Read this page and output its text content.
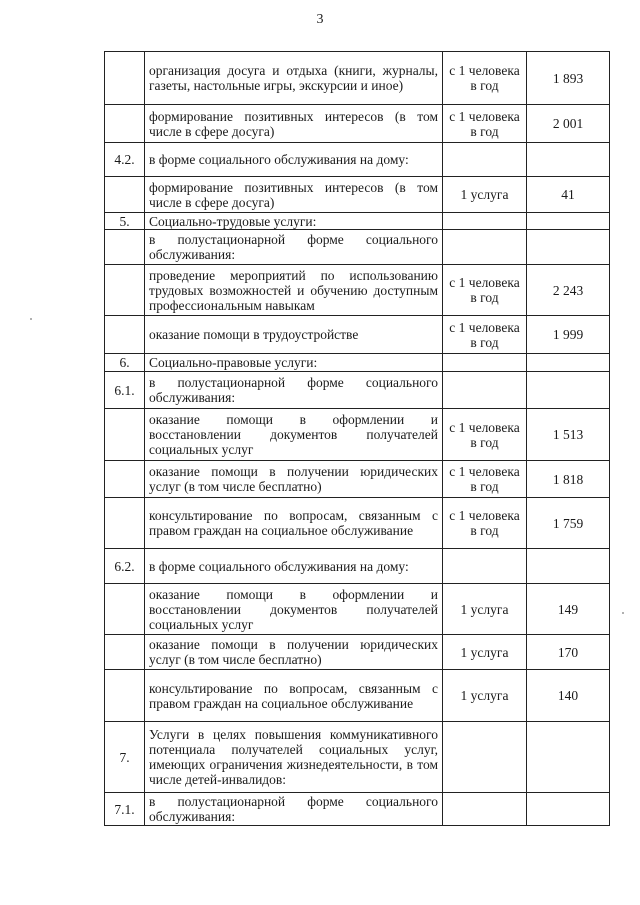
3
	организация досуга и отдыха (книги, журналы, газеты, настольные игры, экскурсии и иное)	с 1 человека в год	1 893
	формирование позитивных интересов (в том числе в сфере досуга)	с 1 человека в год	2 001
4.2.	в форме социального обслуживания на дому:		
	формирование позитивных интересов (в том числе в сфере досуга)	1 услуга	41
5.	Социально-трудовые услуги:		
	в полустационарной форме социального обслуживания:		
	проведение мероприятий по использованию трудовых возможностей и обучению доступным профессиональным навыкам	с 1 человека в год	2 243
	оказание помощи в трудоустройстве	с 1 человека в год	1 999
6.	Социально-правовые услуги:		
6.1.	в полустационарной форме социального обслуживания:		
	оказание помощи в оформлении и восстановлении документов получателей социальных услуг	с 1 человека в год	1 513
	оказание помощи в получении юридических услуг (в том числе бесплатно)	с 1 человека в год	1 818
	консультирование по вопросам, связанным с правом граждан на социальное обслуживание	с 1 человека в год	1 759
6.2.	в форме социального обслуживания на дому:		
	оказание помощи в оформлении и восстановлении документов получателей социальных услуг	1 услуга	149
	оказание помощи в получении юридических услуг (в том числе бесплатно)	1 услуга	170
	консультирование по вопросам, связанным с правом граждан на социальное обслуживание	1 услуга	140
7.	Услуги в целях повышения коммуникативного потенциала получателей социальных услуг, имеющих ограничения жизнедеятельности, в том числе детей-инвалидов:		
7.1.	в полустационарной форме социального обслуживания:		
